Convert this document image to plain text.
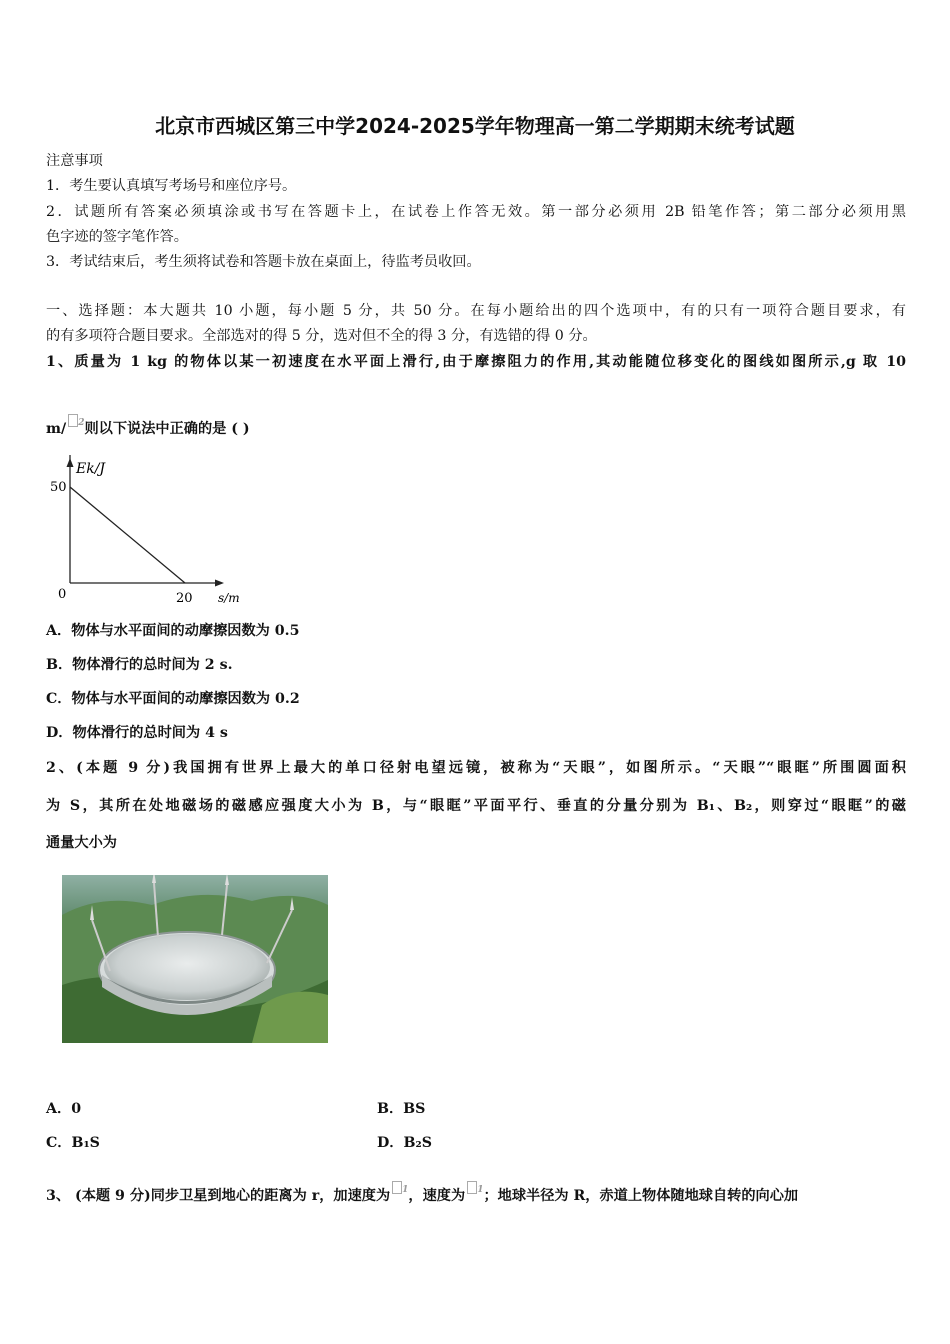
北京市西城区第三中学2024-2025学年物理高一第二学期期末统考试题
注意事项
1．考生要认真填写考场号和座位序号。
2．试题所有答案必须填涂或书写在答题卡上，在试卷上作答无效。第一部分必须用 2B 铅笔作答；第二部分必须用黑
色字迹的签字笔作答。
3．考试结束后，考生须将试卷和答题卡放在桌面上，待监考员收回。
一、选择题：本大题共 10 小题，每小题 5 分，共 50 分。在每小题给出的四个选项中，有的只有一项符合题目要求，有
的有多项符合题目要求。全部选对的得 5 分，选对但不全的得 3 分，有选错的得 0 分。
1、质量为 1 kg 的物体以某一初速度在水平面上滑行,由于摩擦阻力的作用,其动能随位移变化的图线如图所示,g 取 10
m/ $^2$则以下说法中正确的是 ( )
Ek/J
50
0	20 s/m
A．物体与水平面间的动摩擦因数为 0.5
B．物体滑行的总时间为 2 s.
C．物体与水平面间的动摩擦因数为 0.2
D．物体滑行的总时间为 4 s
2、(本题 9 分)我国拥有世界上最大的单口径射电望远镜，被称为“天眼”，如图所示。“天眼”“眼眶”所围圆面积
为 S，其所在处地磁场的磁感应强度大小为 B，与“眼眶”平面平行、垂直的分量分别为 B₁、B₂，则穿过“眼眶”的磁
通量大小为
A．0	B．BS
C．B₁S	D．B₂S
3、 (本题 9 分)同步卫星到地心的距离为 r，加速度为 $^1$，速度为 $^1$；地球半径为 R，赤道上物体随地球自转的向心加
